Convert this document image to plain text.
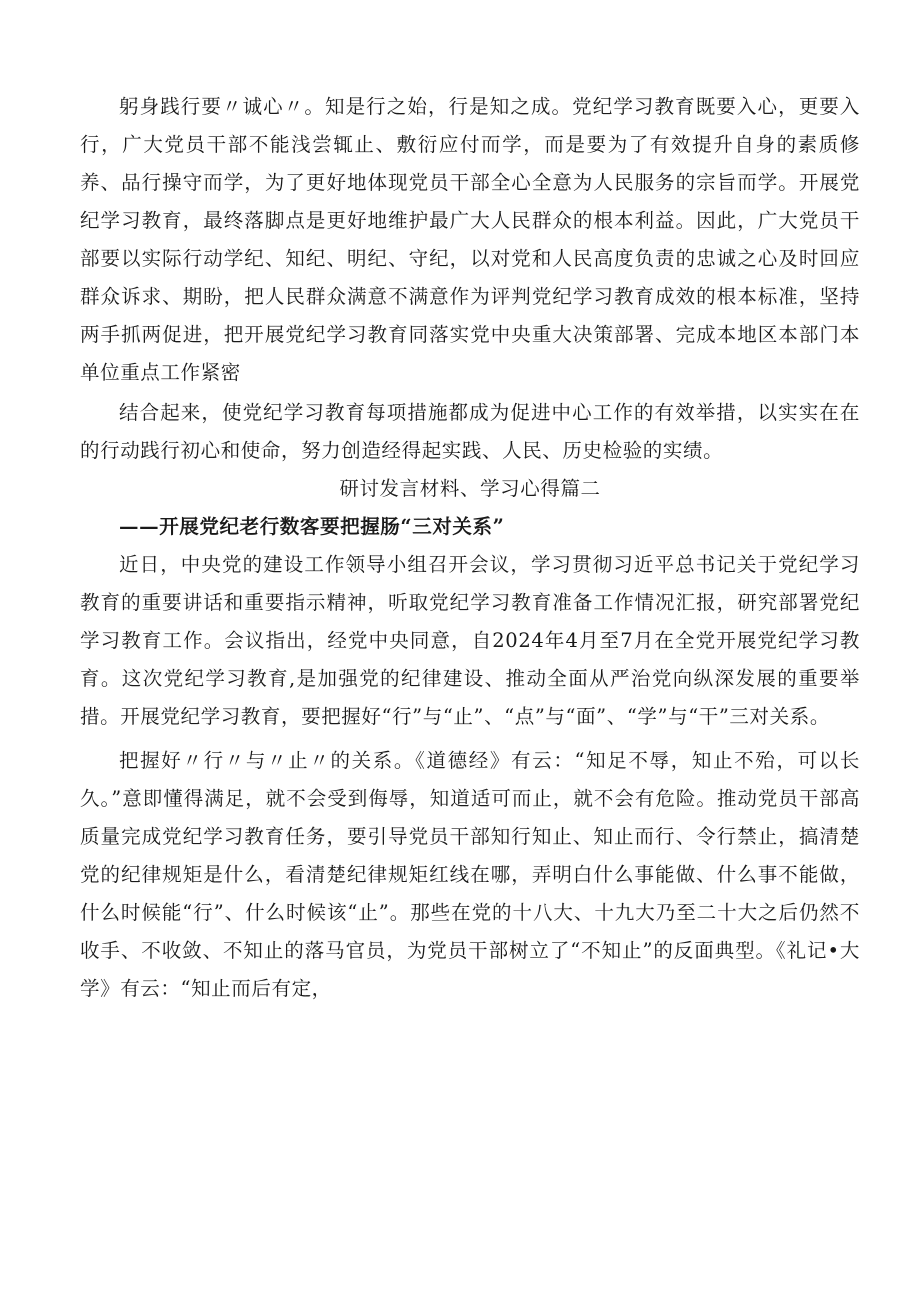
躬身践行要〃诚心〃。知是行之始，行是知之成。党纪学习教育既要入心，更要入行，广大党员干部不能浅尝辄止、敷衍应付而学，而是要为了有效提升自身的素质修养、品行操守而学，为了更好地体现党员干部全心全意为人民服务的宗旨而学。开展党纪学习教育，最终落脚点是更好地维护最广大人民群众的根本利益。因此，广大党员干部要以实际行动学纪、知纪、明纪、守纪，以对党和人民高度负责的忠诚之心及时回应群众诉求、期盼，把人民群众满意不满意作为评判党纪学习教育成效的根本标准，坚持两手抓两促进，把开展党纪学习教育同落实党中央重大决策部署、完成本地区本部门本单位重点工作紧密

结合起来，使党纪学习教育每项措施都成为促进中心工作的有效举措，以实实在在的行动践行初心和使命，努力创造经得起实践、人民、历史检验的实绩。

研讨发言材料、学习心得篇二

——开展党纪老行数客要把握肠“三对关系”

近日，中央党的建设工作领导小组召开会议，学习贯彻习近平总书记关于党纪学习教育的重要讲话和重要指示精神，听取党纪学习教育准备工作情况汇报，研究部署党纪学习教育工作。会议指出，经党中央同意，自2024年4月至7月在全党开展党纪学习教育。这次党纪学习教育,是加强党的纪律建设、推动全面从严治党向纵深发展的重要举措。开展党纪学习教育，要把握好“行”与“止”、“点”与“面”、“学”与“干”三对关系。

把握好〃行〃与〃止〃的关系。《道德经》有云：“知足不辱，知止不殆，可以长久。”意即懂得满足，就不会受到侮辱，知道适可而止，就不会有危险。推动党员干部高质量完成党纪学习教育任务，要引导党员干部知行知止、知止而行、令行禁止，搞清楚党的纪律规矩是什么，看清楚纪律规矩红线在哪，弄明白什么事能做、什么事不能做，什么时候能“行”、什么时候该“止”。那些在党的十八大、十九大乃至二十大之后仍然不收手、不收敛、不知止的落马官员，为党员干部树立了“不知止”的反面典型。《礼记•大学》有云：“知止而后有定，
